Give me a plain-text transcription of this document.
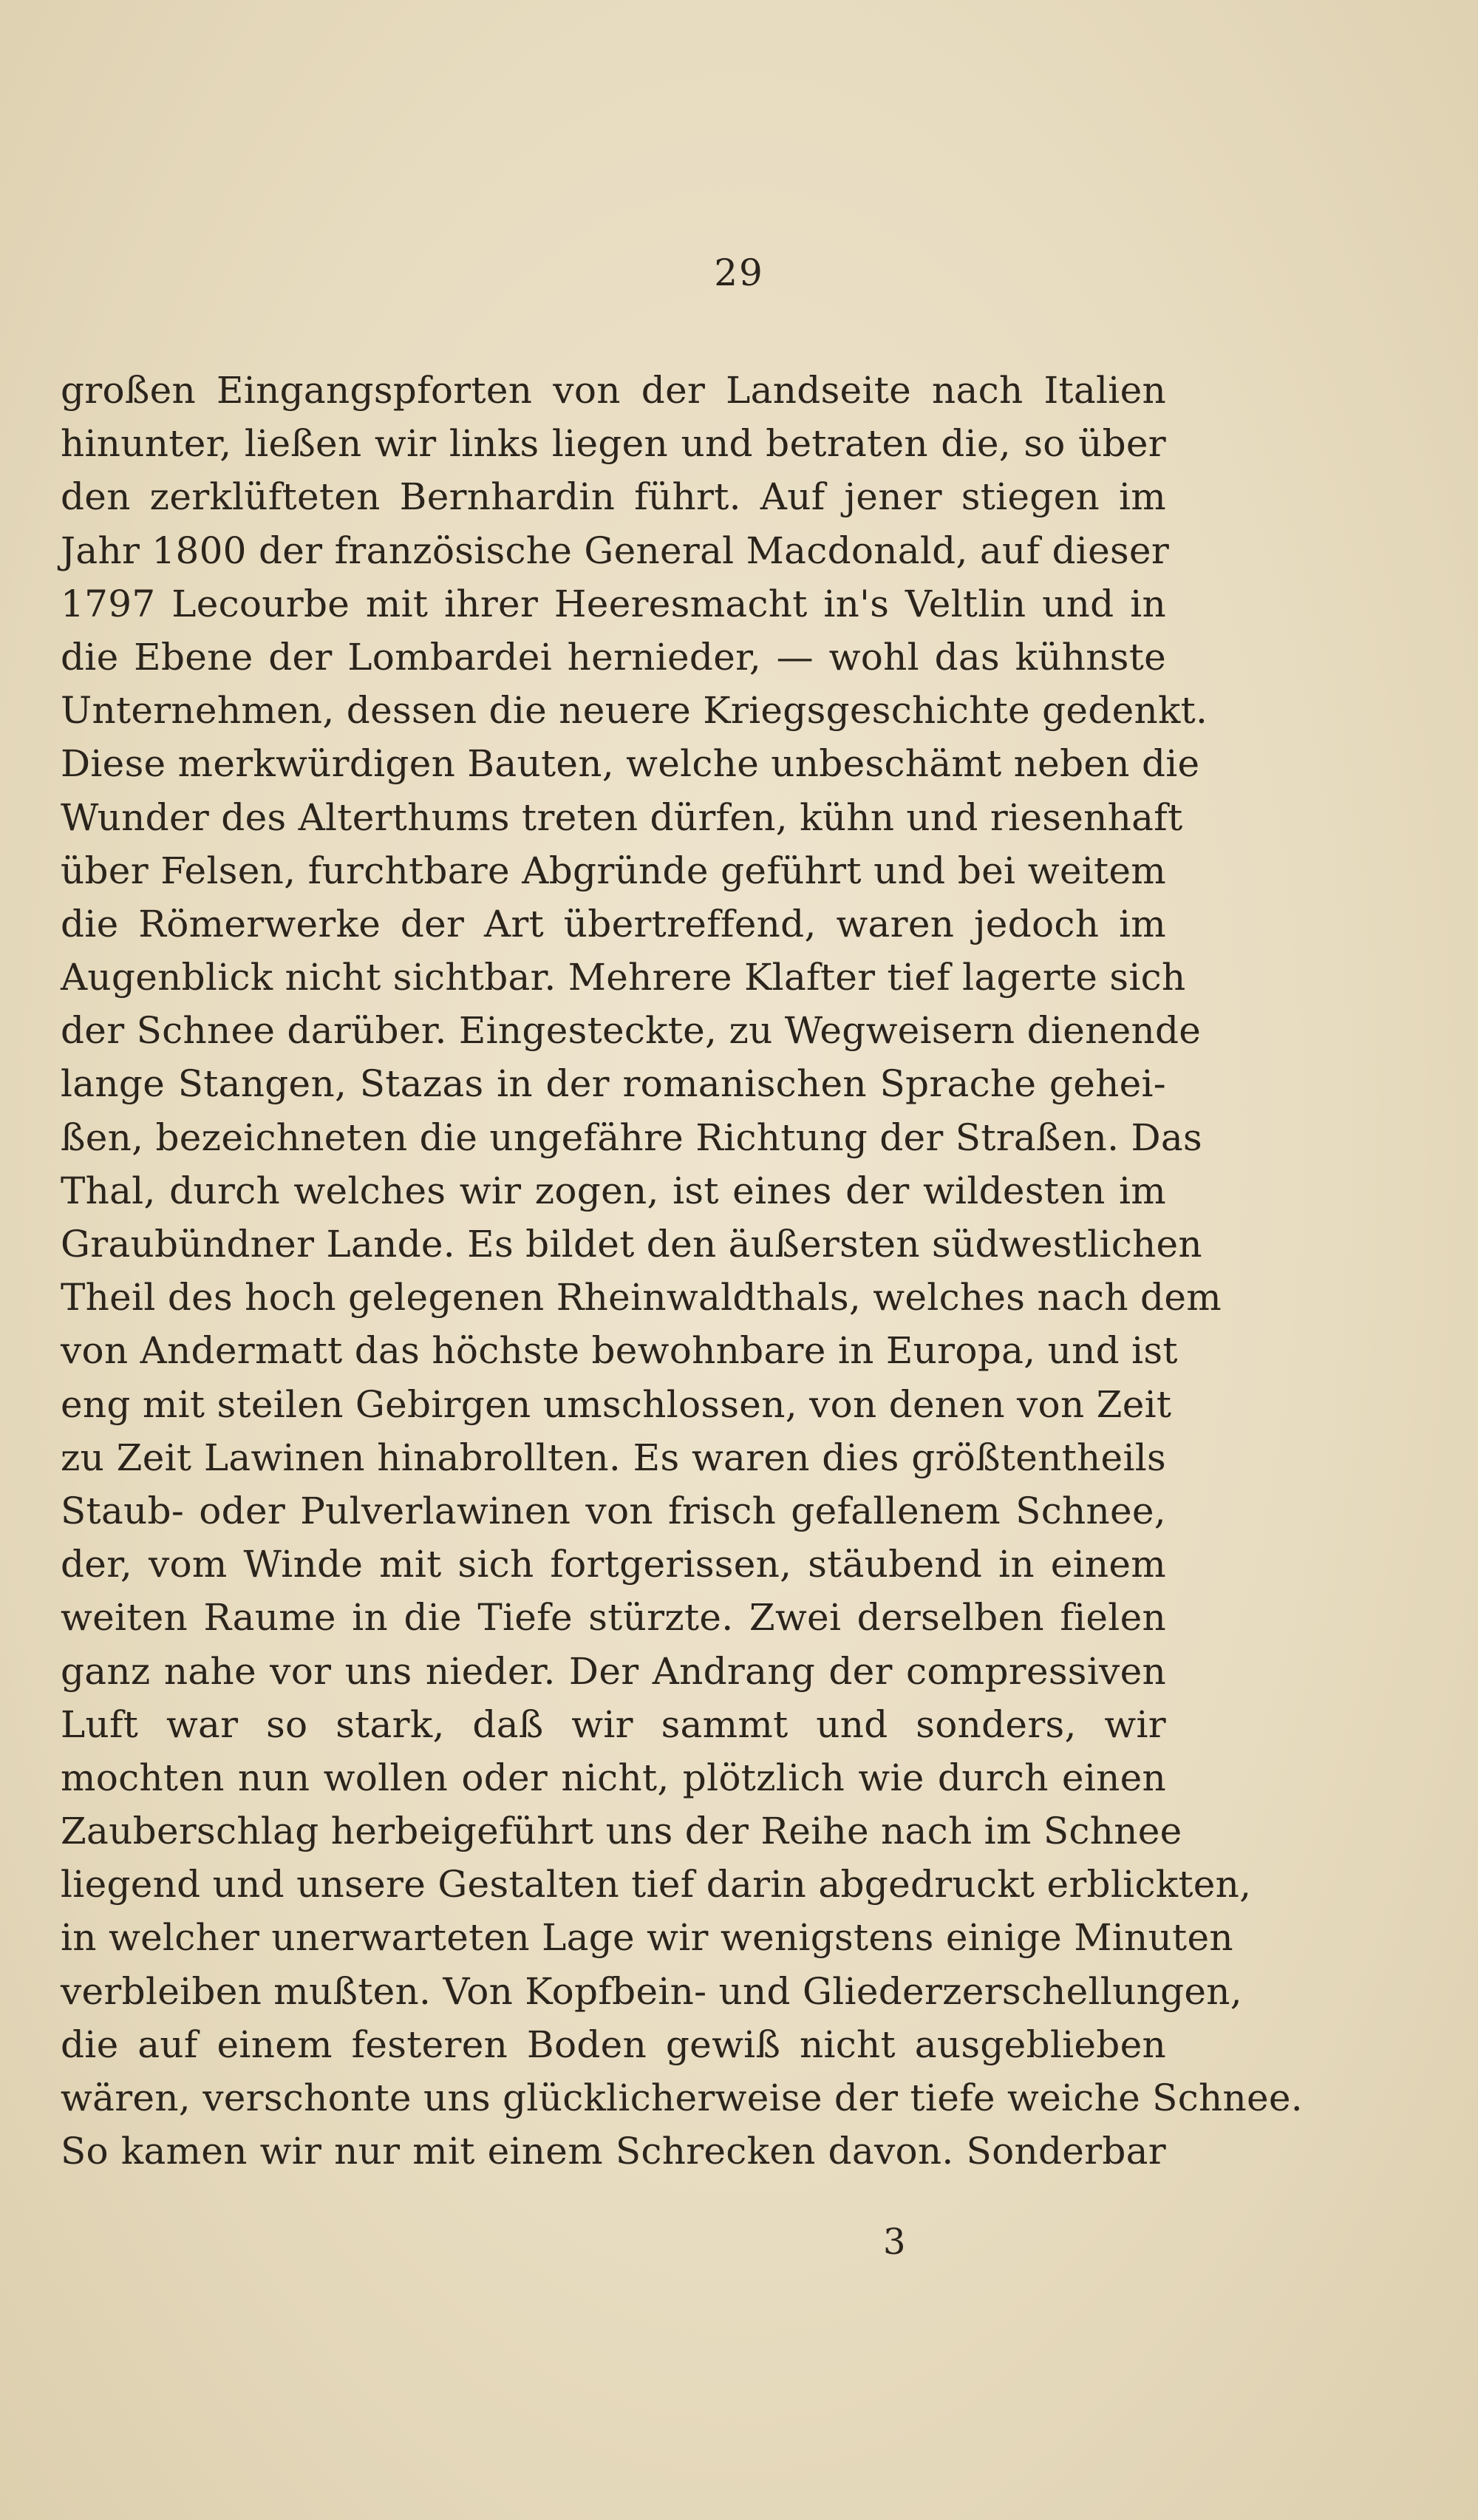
29
großen Eingangspforten von der Landseite nach Italien
hinunter, ließen wir links liegen und betraten die, so über
den zerklüfteten Bernhardin führt. Auf jener stiegen im
Jahr 1800 der französische General Macdonald, auf dieser
1797 Lecourbe mit ihrer Heeresmacht in's Veltlin und in
die Ebene der Lombardei hernieder, — wohl das kühnste
Unternehmen, dessen die neuere Kriegsgeschichte gedenkt.
Diese merkwürdigen Bauten, welche unbeschämt neben die
Wunder des Alterthums treten dürfen, kühn und riesenhaft
über Felsen, furchtbare Abgründe geführt und bei weitem
die Römerwerke der Art übertreffend, waren jedoch im
Augenblick nicht sichtbar. Mehrere Klafter tief lagerte sich
der Schnee darüber. Eingesteckte, zu Wegweisern dienende
lange Stangen, Stazas in der romanischen Sprache gehei-
ßen, bezeichneten die ungefähre Richtung der Straßen. Das
Thal, durch welches wir zogen, ist eines der wildesten im
Graubündner Lande. Es bildet den äußersten südwestlichen
Theil des hoch gelegenen Rheinwaldthals, welches nach dem
von Andermatt das höchste bewohnbare in Europa, und ist
eng mit steilen Gebirgen umschlossen, von denen von Zeit
zu Zeit Lawinen hinabrollten. Es waren dies größtentheils
Staub- oder Pulverlawinen von frisch gefallenem Schnee,
der, vom Winde mit sich fortgerissen, stäubend in einem
weiten Raume in die Tiefe stürzte. Zwei derselben fielen
ganz nahe vor uns nieder. Der Andrang der compressiven
Luft war so stark, daß wir sammt und sonders, wir
mochten nun wollen oder nicht, plötzlich wie durch einen
Zauberschlag herbeigeführt uns der Reihe nach im Schnee
liegend und unsere Gestalten tief darin abgedruckt erblickten,
in welcher unerwarteten Lage wir wenigstens einige Minuten
verbleiben mußten. Von Kopfbein- und Gliederzerschellungen,
die auf einem festeren Boden gewiß nicht ausgeblieben
wären, verschonte uns glücklicherweise der tiefe weiche Schnee.
So kamen wir nur mit einem Schrecken davon. Sonderbar
3
